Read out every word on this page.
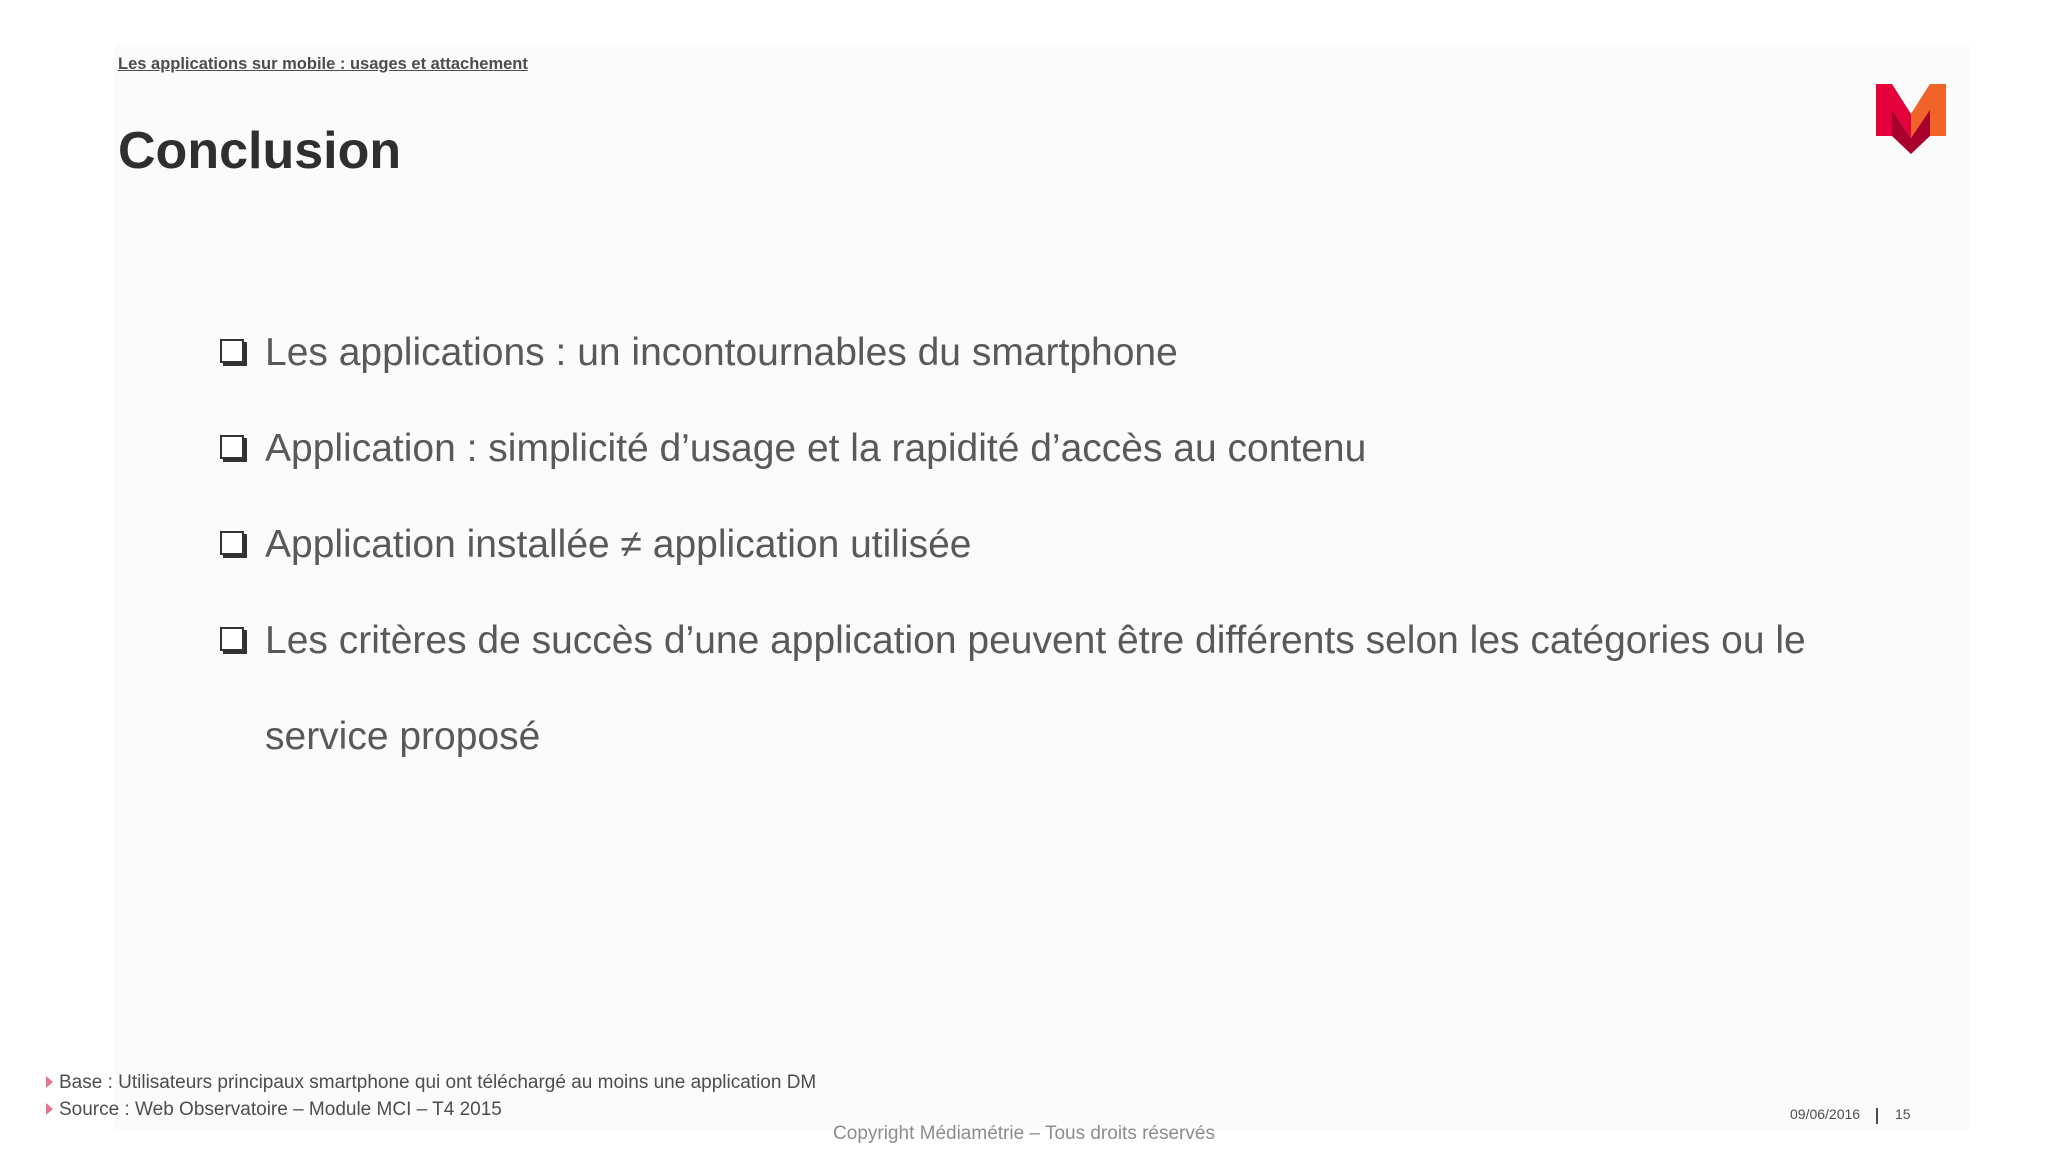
Les applications sur mobile : usages et attachement
Conclusion
Les applications : un incontournables du smartphone
Application : simplicité d’usage et la rapidité d’accès au contenu
Application installée ≠ application utilisée
Les critères de succès d’une application peuvent être différents selon les catégories ou le service proposé
Base : Utilisateurs principaux smartphone qui ont téléchargé au moins une application DM
Source : Web Observatoire – Module MCI – T4 2015
Copyright Médiamétrie – Tous droits réservés
09/06/2016 15
